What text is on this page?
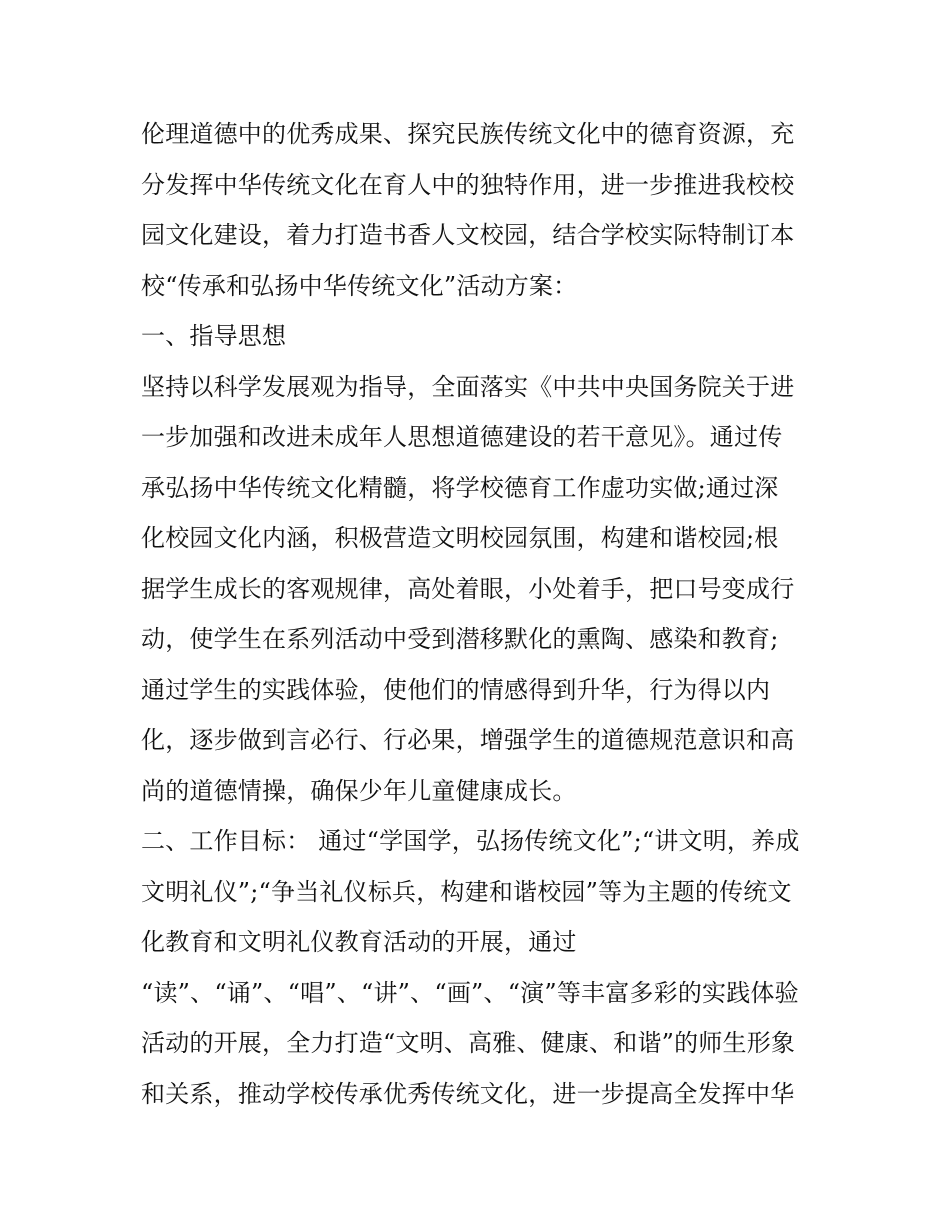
伦理道德中的优秀成果、探究民族传统文化中的德育资源，充
分发挥中华传统文化在育人中的独特作用，进一步推进我校校
园文化建设，着力打造书香人文校园，结合学校实际特制订本
校“传承和弘扬中华传统文化”活动方案：
一、指导思想
坚持以科学发展观为指导，全面落实《中共中央国务院关于进
一步加强和改进未成年人思想道德建设的若干意见》。通过传
承弘扬中华传统文化精髓，将学校德育工作虚功实做;通过深
化校园文化内涵，积极营造文明校园氛围，构建和谐校园;根
据学生成长的客观规律，高处着眼，小处着手，把口号变成行
动，使学生在系列活动中受到潜移默化的熏陶、感染和教育;
通过学生的实践体验，使他们的情感得到升华，行为得以内
化，逐步做到言必行、行必果，增强学生的道德规范意识和高
尚的道德情操，确保少年儿童健康成长。
二、工作目标： 通过“学国学，弘扬传统文化”;“讲文明，养成
文明礼仪”;“争当礼仪标兵，构建和谐校园”等为主题的传统文
化教育和文明礼仪教育活动的开展，通过
“读”、“诵”、“唱”、“讲”、“画”、“演”等丰富多彩的实践体验
活动的开展，全力打造“文明、高雅、健康、和谐”的师生形象
和关系，推动学校传承优秀传统文化，进一步提高全发挥中华
